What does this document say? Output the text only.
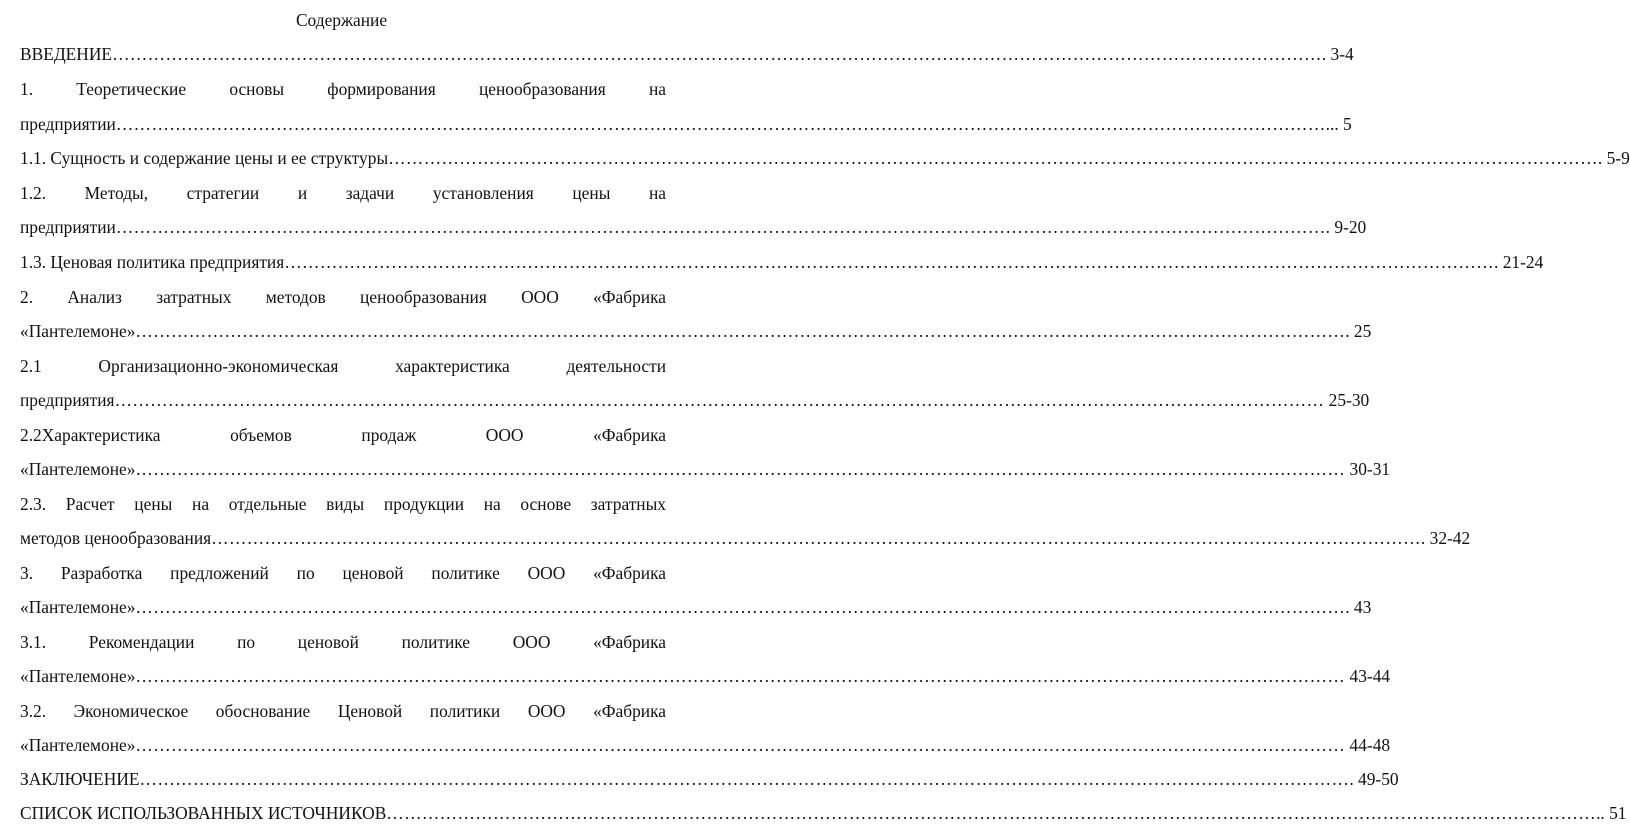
Содержание
ВВЕДЕНИЕ …………………………………………………………………………………………………………………………………………………………………………………… . 3-4
1. Теоретические основы формирования ценообразования на
предприятии …………………………………………………………………………………………………………………………………………………………………………………… ... 5
1.1. Сущность и содержание цены и ее структуры …………………………………………………………………………………………………………………………………………………………………………………… . 5-9
1.2. Методы, стратегии и задачи установления цены на
предприятии …………………………………………………………………………………………………………………………………………………………………………………… . 9-20
1.3. Ценовая политика предприятия …………………………………………………………………………………………………………………………………………………………………………………… . 21-24
2. Анализ затратных методов ценообразования ООО «Фабрика
«Пантелемоне» …………………………………………………………………………………………………………………………………………………………………………………… . 25
2.1 Организационно-экономическая характеристика деятельности
предприятия …………………………………………………………………………………………………………………………………………………………………………………… 25-30
2.2Характеристика объемов продаж ООО «Фабрика
«Пантелемоне» …………………………………………………………………………………………………………………………………………………………………………………… 30-31
2.3. Расчет цены на отдельные виды продукции на основе затратных
методов ценообразования …………………………………………………………………………………………………………………………………………………………………………………… . 32-42
3. Разработка предложений по ценовой политике ООО «Фабрика
«Пантелемоне» …………………………………………………………………………………………………………………………………………………………………………………… . 43
3.1. Рекомендации по ценовой политике ООО «Фабрика
«Пантелемоне» …………………………………………………………………………………………………………………………………………………………………………………… 43-44
3.2. Экономическое обоснование Ценовой политики ООО «Фабрика
«Пантелемоне» …………………………………………………………………………………………………………………………………………………………………………………… 44-48
ЗАКЛЮЧЕНИЕ …………………………………………………………………………………………………………………………………………………………………………………… . 49-50
СПИСОК ИСПОЛЬЗОВАННЫХ ИСТОЧНИКОВ …………………………………………………………………………………………………………………………………………………………………………………… .. 51
